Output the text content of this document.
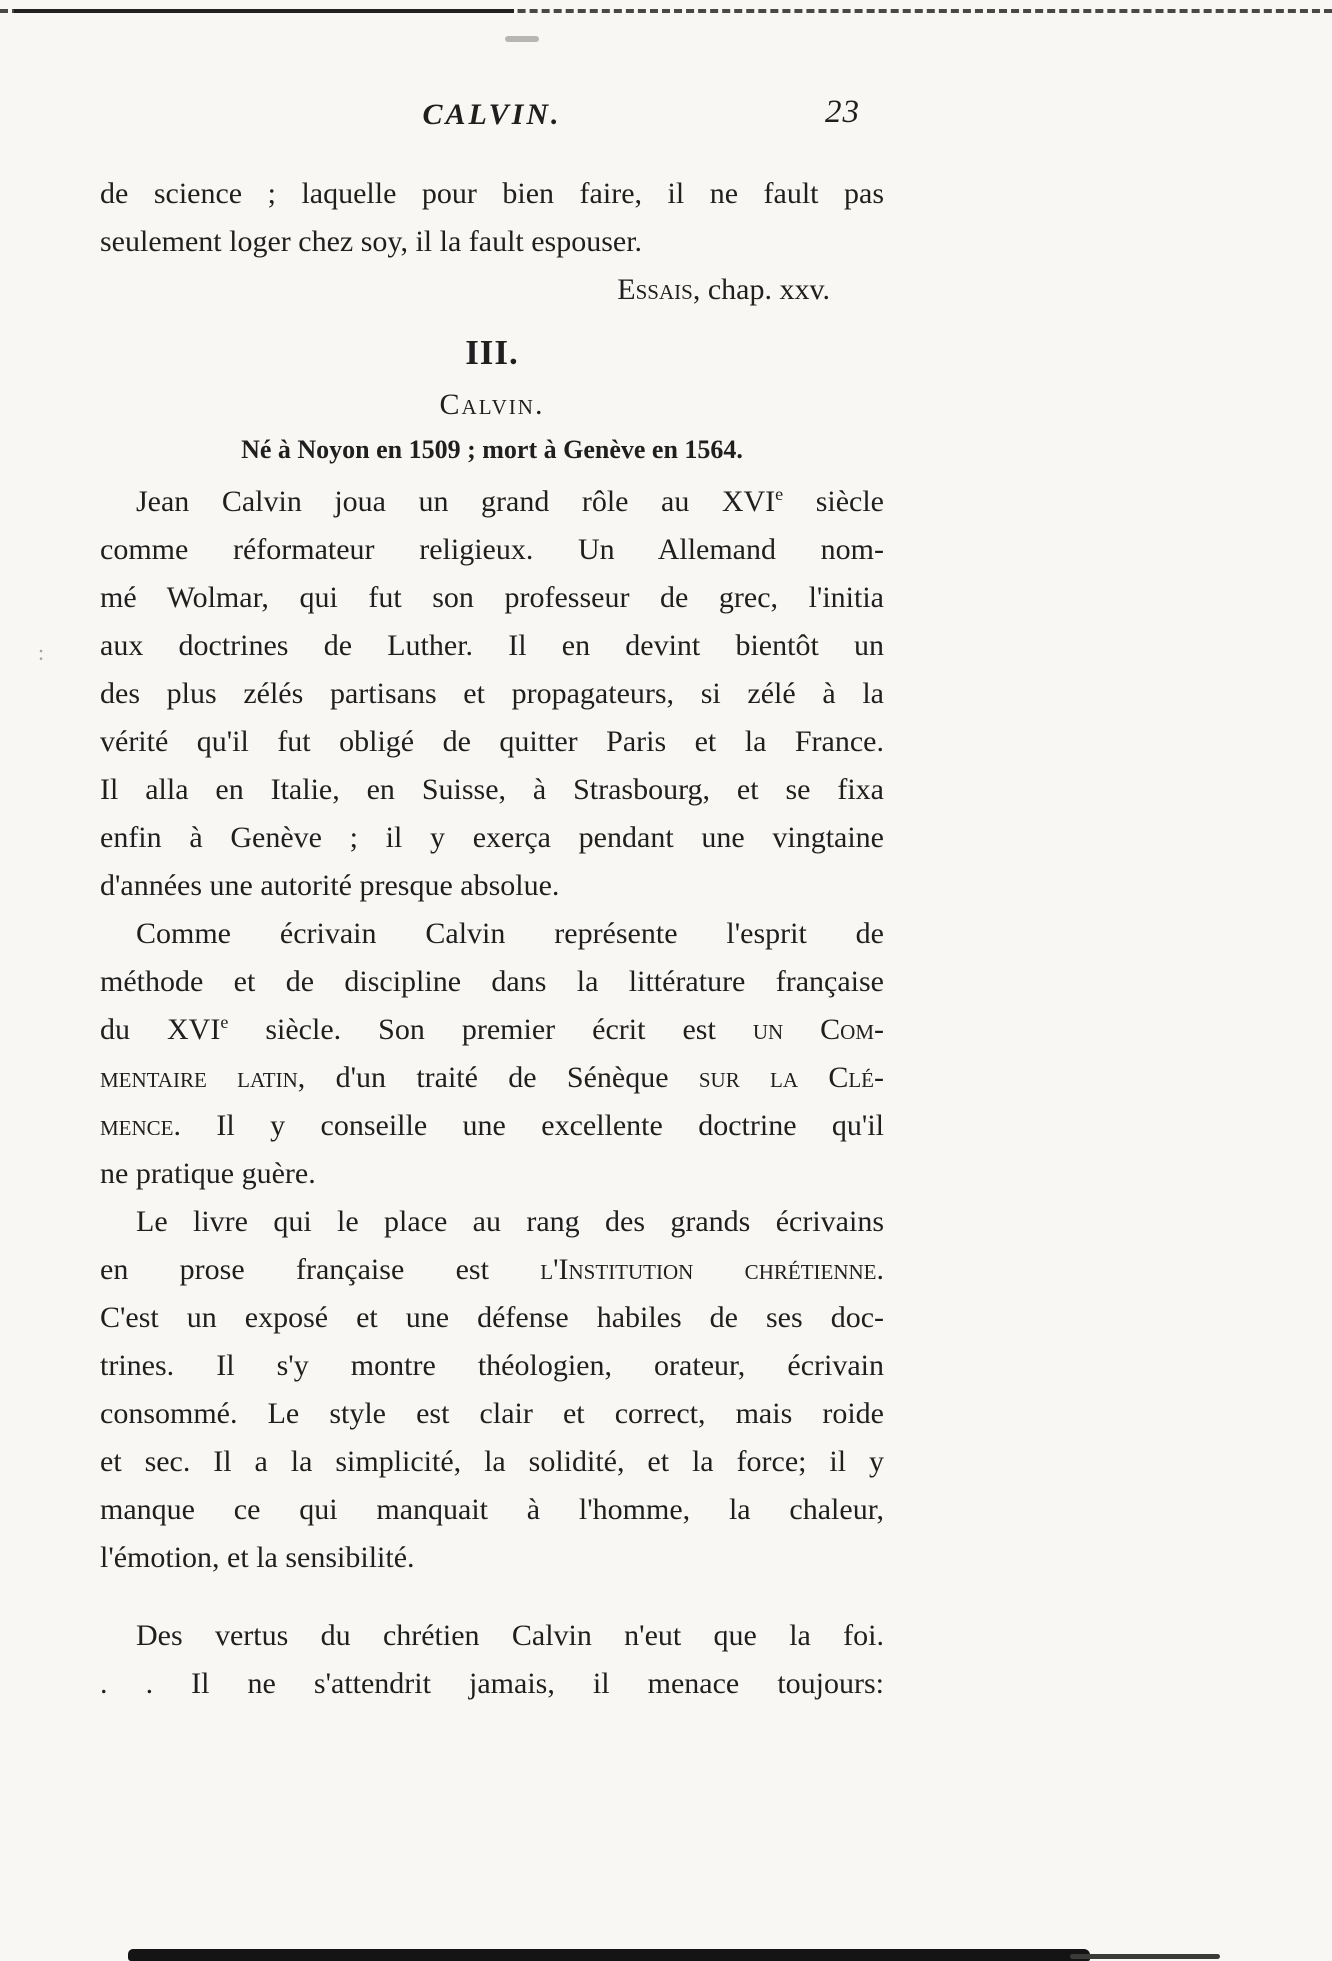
:
CALVIN.	23
de science ; laquelle pour bien faire, il ne fault pas
seulement loger chez soy, il la fault espouser.
Essais, chap. xxv.
III.
Calvin.
Né à Noyon en 1509 ; mort à Genève en 1564.
Jean Calvin joua un grand rôle au XVIe siècle
comme réformateur religieux. Un Allemand nom-
mé Wolmar, qui fut son professeur de grec, l'initia
aux doctrines de Luther. Il en devint bientôt un
des plus zélés partisans et propagateurs, si zélé à la
vérité qu'il fut obligé de quitter Paris et la France.
Il alla en Italie, en Suisse, à Strasbourg, et se fixa
enfin à Genève ; il y exerça pendant une vingtaine
d'années une autorité presque absolue.
Comme écrivain Calvin représente l'esprit de
méthode et de discipline dans la littérature française
du XVIe siècle. Son premier écrit est un Com-
mentaire latin, d'un traité de Sénèque sur la Clé-
mence. Il y conseille une excellente doctrine qu'il
ne pratique guère.
Le livre qui le place au rang des grands écrivains
en prose française est l'Institution chrétienne.
C'est un exposé et une défense habiles de ses doc-
trines. Il s'y montre théologien, orateur, écrivain
consommé. Le style est clair et correct, mais roide
et sec. Il a la simplicité, la solidité, et la force; il y
manque ce qui manquait à l'homme, la chaleur,
l'émotion, et la sensibilité.
Des vertus du chrétien Calvin n'eut que la foi.
. . Il ne s'attendrit jamais, il menace toujours:
